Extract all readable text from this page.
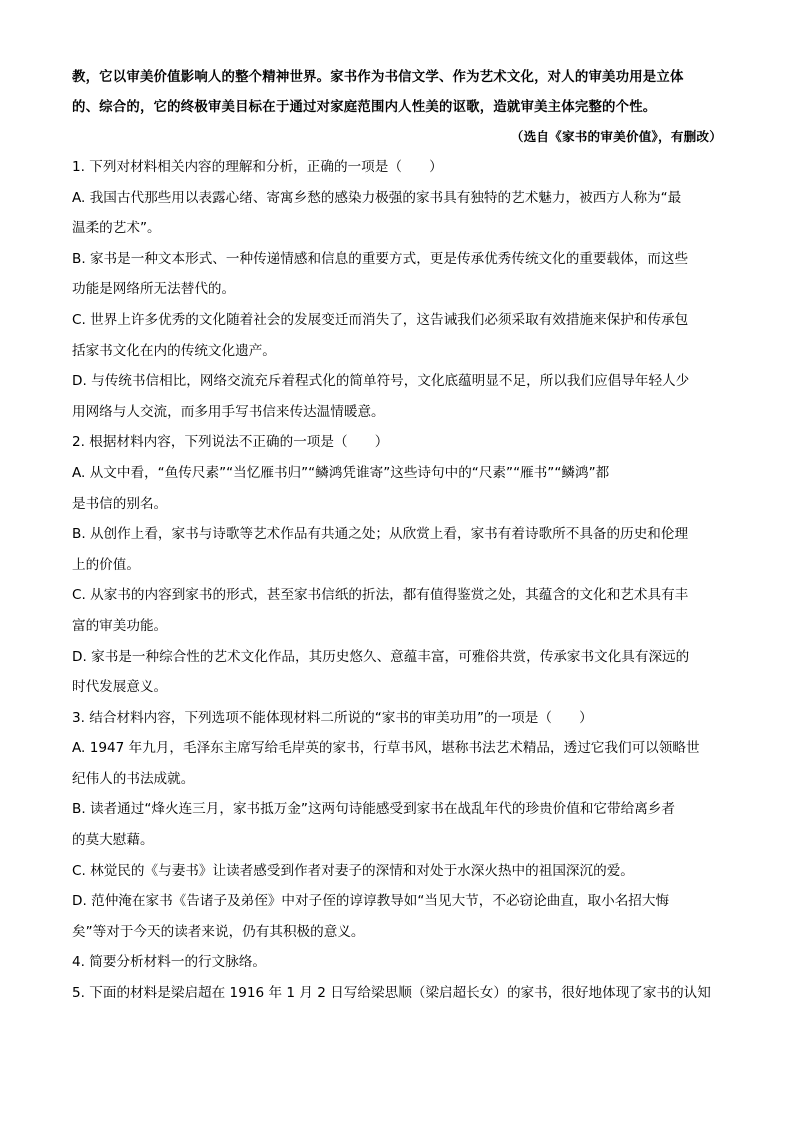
教，它以审美价值影响人的整个精神世界。家书作为书信文学、作为艺术文化，对人的审美功用是立体
的、综合的，它的终极审美目标在于通过对家庭范围内人性美的讴歌，造就审美主体完整的个性。
（选自《家书的审美价值》，有删改）
1. 下列对材料相关内容的理解和分析，正确的一项是（　　）
A. 我国古代那些用以表露心绪、寄寓乡愁的感染力极强的家书具有独特的艺术魅力，被西方人称为“最
温柔的艺术”。
B. 家书是一种文本形式、一种传递情感和信息的重要方式，更是传承优秀传统文化的重要载体，而这些
功能是网络所无法替代的。
C. 世界上许多优秀的文化随着社会的发展变迁而消失了，这告诫我们必须采取有效措施来保护和传承包
括家书文化在内的传统文化遗产。
D. 与传统书信相比，网络交流充斥着程式化的简单符号，文化底蕴明显不足，所以我们应倡导年轻人少
用网络与人交流，而多用手写书信来传达温情暖意。
2. 根据材料内容，下列说法不正确的一项是（　　）
A. 从文中看，“鱼传尺素”“当忆雁书归”“鳞鸿凭谁寄”这些诗句中的“尺素”“雁书”“鳞鸿”都
是书信的别名。
B. 从创作上看，家书与诗歌等艺术作品有共通之处；从欣赏上看，家书有着诗歌所不具备的历史和伦理
上的价值。
C. 从家书的内容到家书的形式，甚至家书信纸的折法，都有值得鉴赏之处，其蕴含的文化和艺术具有丰
富的审美功能。
D. 家书是一种综合性的艺术文化作品，其历史悠久、意蕴丰富，可雅俗共赏，传承家书文化具有深远的
时代发展意义。
3. 结合材料内容，下列选项不能体现材料二所说的“家书的审美功用”的一项是（　　）
A. 1947 年九月，毛泽东主席写给毛岸英的家书，行草书风，堪称书法艺术精品，透过它我们可以领略世
纪伟人的书法成就。
B. 读者通过“烽火连三月，家书抵万金”这两句诗能感受到家书在战乱年代的珍贵价值和它带给离乡者
的莫大慰藉。
C. 林觉民的《与妻书》让读者感受到作者对妻子的深情和对处于水深火热中的祖国深沉的爱。
D. 范仲淹在家书《告诸子及弟侄》中对子侄的谆谆教导如“当见大节，不必窃论曲直，取小名招大悔
矣”等对于今天的读者来说，仍有其积极的意义。
4. 简要分析材料一的行文脉络。
5. 下面的材料是梁启超在 1916 年 1 月 2 日写给梁思顺（梁启超长女）的家书，很好地体现了家书的认知
